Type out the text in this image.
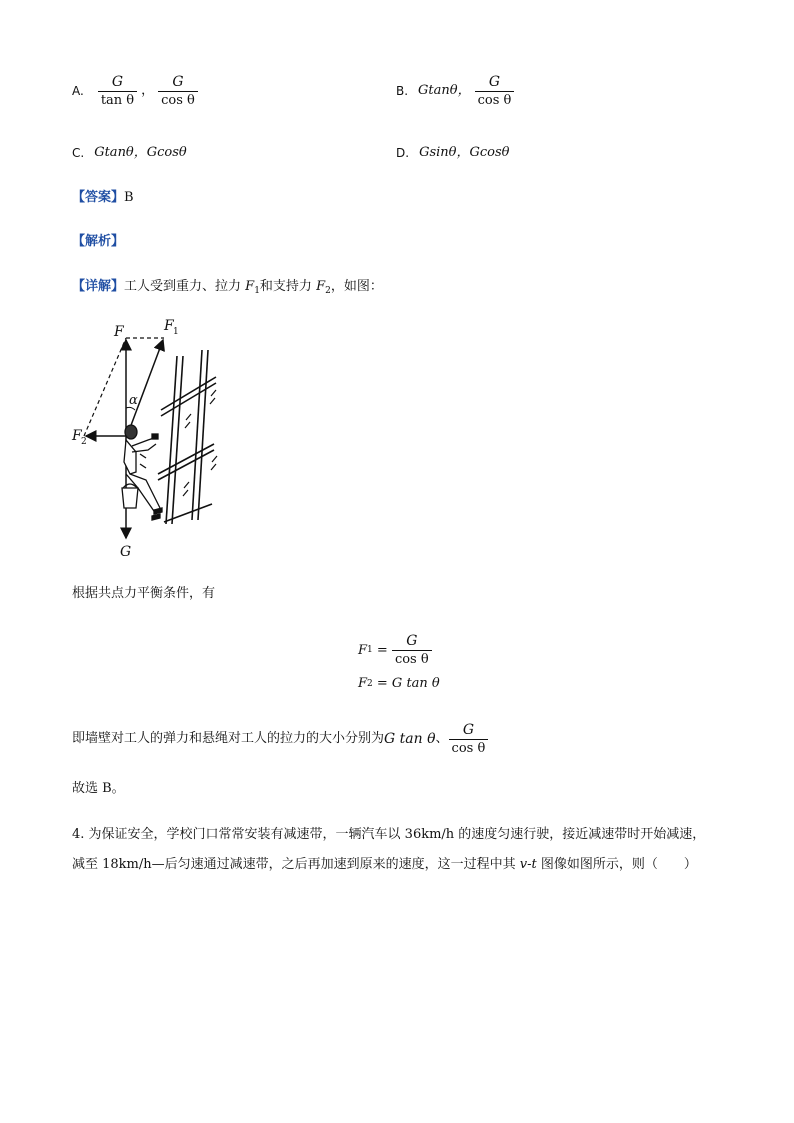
A. $\frac{G}{\text{tan θ}}$ ， $\frac{G}{\text{cos θ}}$	B. Gtanθ， $\frac{G}{\text{cos θ}}$
C. Gtanθ，Gcosθ	D. Gsinθ，Gcosθ
【答案】B
【解析】
【详解】工人受到重力、拉力 $F_1$和支持力 $F_2$，如图：
F	F 1
F 2
α
G
根据共点力平衡条件，有
F $1 = \frac{G}{\text{cos θ}}$
F 2 = G tan θ
即墙壁对工人的弹力和悬绳对工人的拉力的大小分别为 G tan θ 、 $\frac{G}{\text{cos θ}}$
故选 B。
4. 为保证安全，学校门口常常安装有减速带，一辆汽车以 36km/h 的速度匀速行驶，接近减速带时开始减速，
减至 18km/h—后匀速通过减速带，之后再加速到原来的速度，这一过程中其 v-t 图像如图所示，则（　　）
